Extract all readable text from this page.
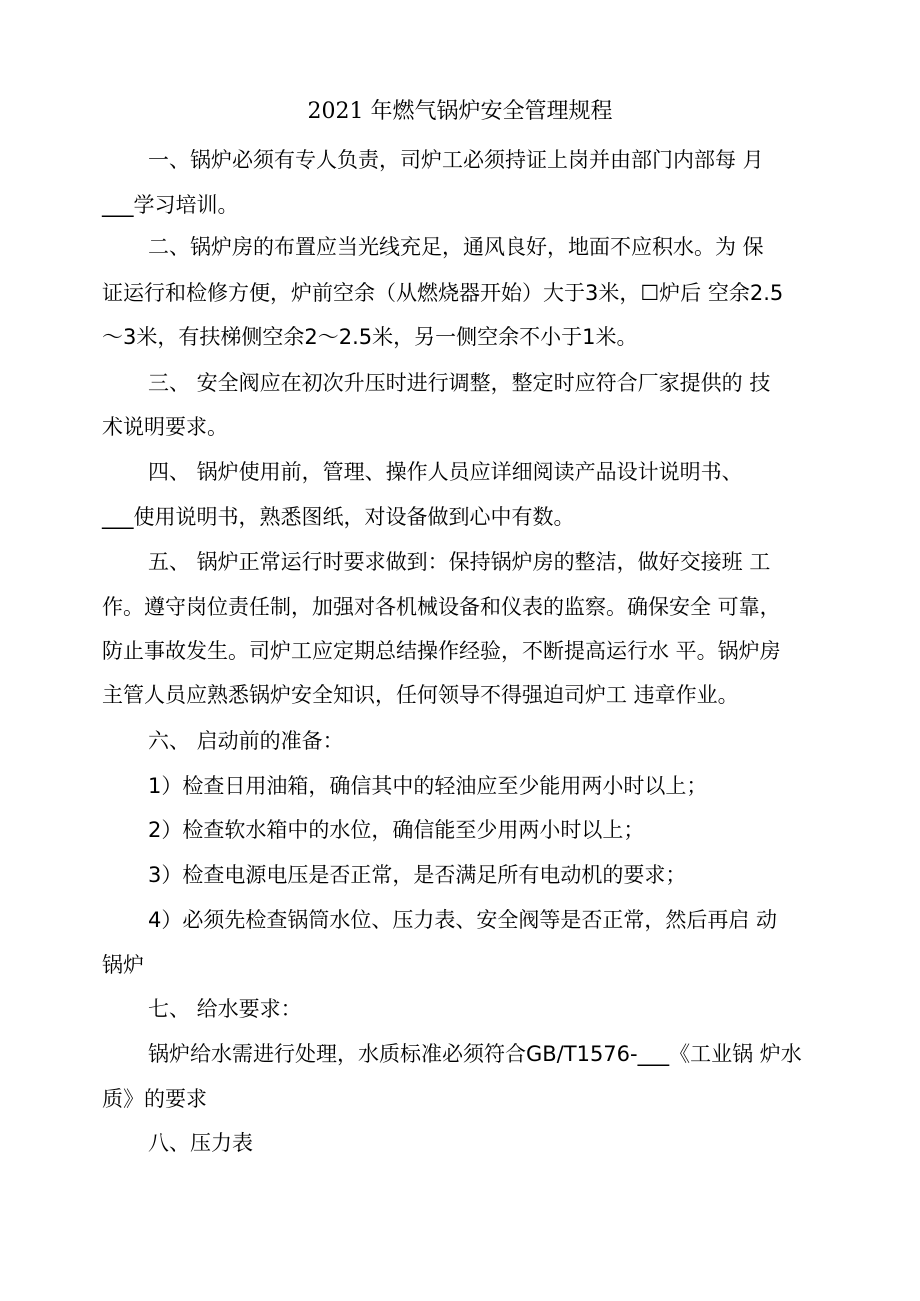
2021 年燃气锅炉安全管理规程
一、锅炉必须有专人负责，司炉工必须持证上岗并由部门内部每 月
___学习培训。
二、锅炉房的布置应当光线充足，通风良好，地面不应积水。为 保
证运行和检修方便，炉前空余（从燃烧器开始）大于3米，☐炉后 空余2.5
～3米，有扶梯侧空余2～2.5米，另一侧空余不小于1米。
三、 安全阀应在初次升压时进行调整，整定时应符合厂家提供的 技
术说明要求。
四、 锅炉使用前，管理、操作人员应详细阅读产品设计说明书、
___使用说明书，熟悉图纸，对设备做到心中有数。
五、 锅炉正常运行时要求做到：保持锅炉房的整洁，做好交接班 工
作。遵守岗位责任制，加强对各机械设备和仪表的监察。确保安全 可靠，
防止事故发生。司炉工应定期总结操作经验，不断提高运行水 平。锅炉房
主管人员应熟悉锅炉安全知识，任何领导不得强迫司炉工 违章作业。
六、 启动前的准备：
1）检查日用油箱，确信其中的轻油应至少能用两小时以上；
2）检查软水箱中的水位，确信能至少用两小时以上；
3）检查电源电压是否正常，是否满足所有电动机的要求；
4）必须先检查锅筒水位、压力表、安全阀等是否正常，然后再启 动
锅炉
七、 给水要求：
锅炉给水需进行处理，水质标准必须符合GB/T1576-___《工业锅 炉水
质》的要求
八、压力表
